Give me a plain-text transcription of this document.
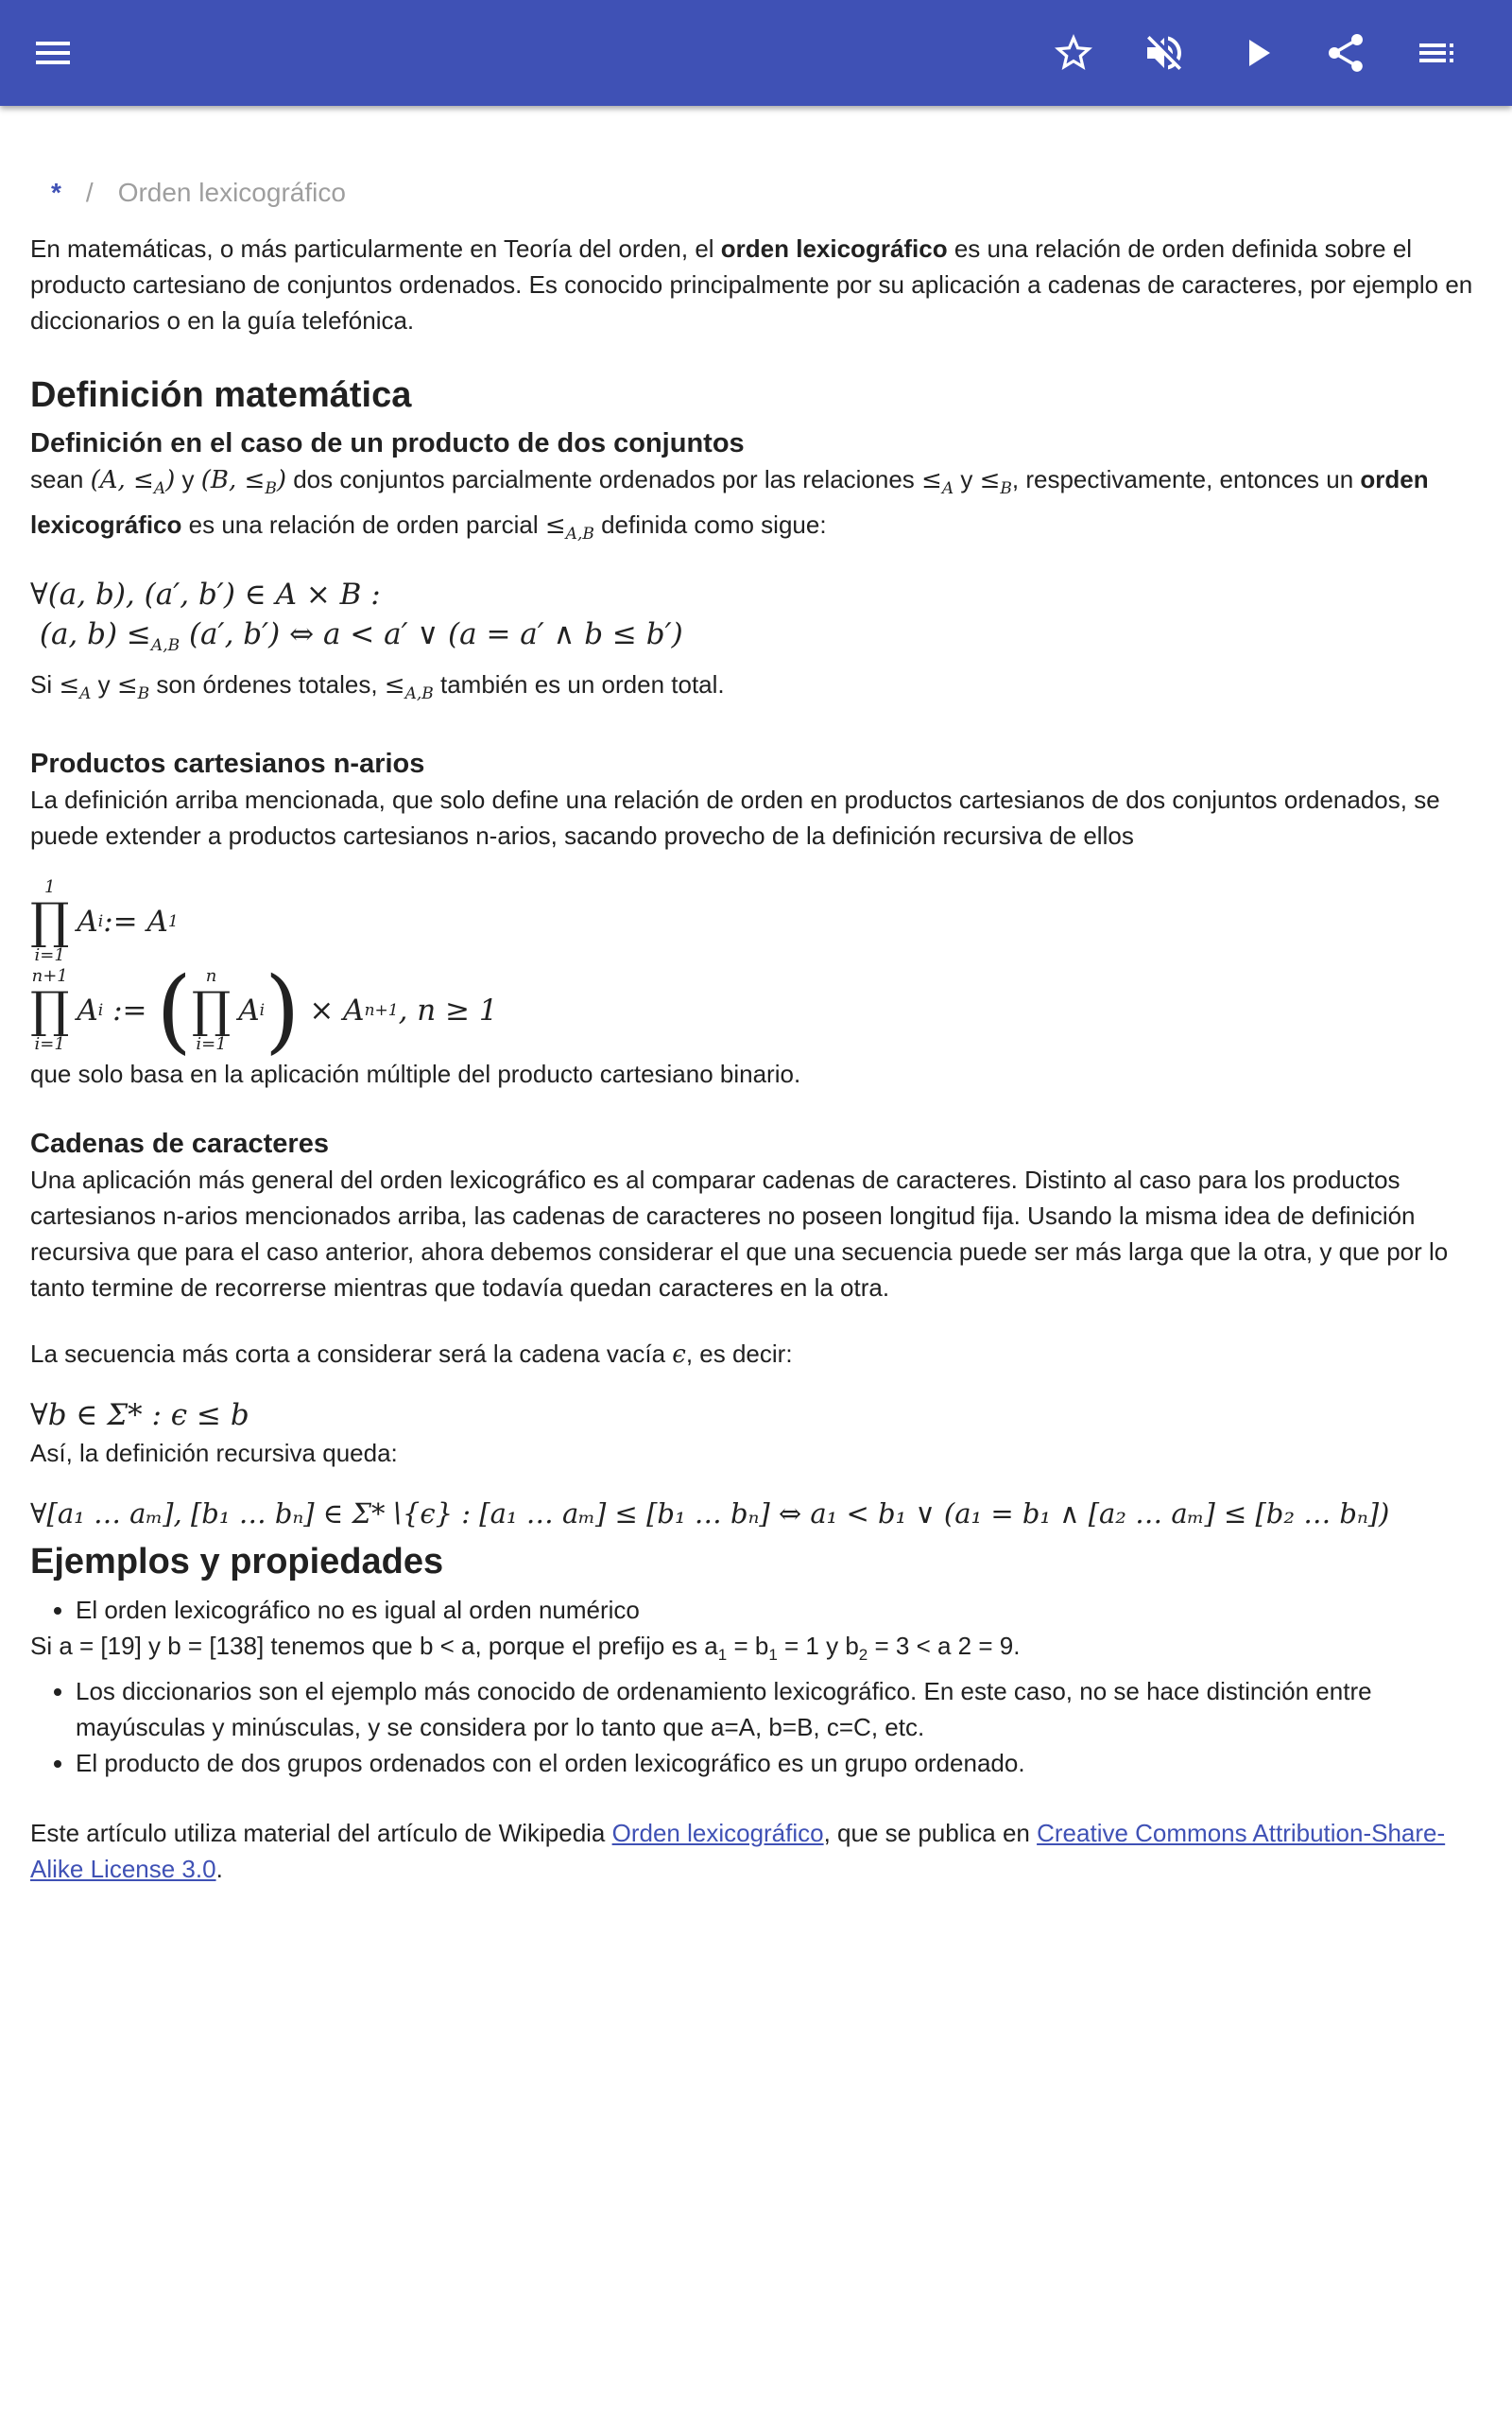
* / Orden lexicográfico

En matemáticas, o más particularmente en Teoría del orden, el orden lexicográfico es una relación de orden definida sobre el producto cartesiano de conjuntos ordenados. Es conocido principalmente por su aplicación a cadenas de caracteres, por ejemplo en diccionarios o en la guía telefónica.

Definición matemática
Definición en el caso de un producto de dos conjuntos

sean (A, $\le_A$) y (B, $\le_B$) dos conjuntos parcialmente ordenados por las relaciones $\le_A$ $y \le_B$, respectivamente, entonces un orden lexicográfico es una relación de orden parcial $\le_{A,B}$ definida como sigue:

∀(a, b), (a′, b′) ∈ A × B :

(a, $b) \le_{A,B}$ (a′, b′) ⇔ a < a′ ∨ (a = a′ ∧ b ≤ b′)

$Si \le_A$ $y \le_B$ son órdenes totales, $\le_{A,B}$ también es un orden total.

Productos cartesianos n-arios

La definición arriba mencionada, que solo define una relación de orden en productos cartesianos de dos conjuntos ordenados, se puede extender a productos cartesianos n-arios, sacando provecho de la definición recursiva de ellos

1
∏
i=1
A i := A 1
n+1
∏
i=1
A i := ( n
∏
i=1
A i ) × A n+1 , n ≥ 1

que solo basa en la aplicación múltiple del producto cartesiano binario.

Cadenas de caracteres

Una aplicación más general del orden lexicográfico es al comparar cadenas de caracteres. Distinto al caso para los productos cartesianos n-arios mencionados arriba, las cadenas de caracteres no poseen longitud fija. Usando la misma idea de definición recursiva que para el caso anterior, ahora debemos considerar el que una secuencia puede ser más larga que la otra, y que por lo tanto termine de recorrerse mientras que todavía quedan caracteres en la otra.

La secuencia más corta a considerar será la cadena vacía ϵ, es decir:

∀b ∈ Σ* : ϵ ≤ b

Así, la definición recursiva queda:

∀[a₁ … aₘ], [b₁ … bₙ] ∈ Σ*∖{ϵ} : [a₁ … aₘ] ≤ [b₁ … bₙ] ⇔ a₁ < b₁ ∨ (a₁ = b₁ ∧ [a₂ … aₘ] ≤ [b₂ … bₙ])

Ejemplos y propiedades
• El orden lexicográfico no es igual al orden numérico

Si a = [19] y b = [138] tenemos que b < a, porque el prefijo es $a_1 = b_1 = 1$ y $b_2 = 3 < a$ 2 = 9.

• Los diccionarios son el ejemplo más conocido de ordenamiento lexicográfico. En este caso, no se hace distinción entre mayúsculas y minúsculas, y se considera por lo tanto que a=A, b=B, c=C, etc.
• El producto de dos grupos ordenados con el orden lexicográfico es un grupo ordenado.

Este artículo utiliza material del artículo de Wikipedia Orden lexicográfico, que se publica en Creative Commons Attribution-Share-Alike License 3.0.
